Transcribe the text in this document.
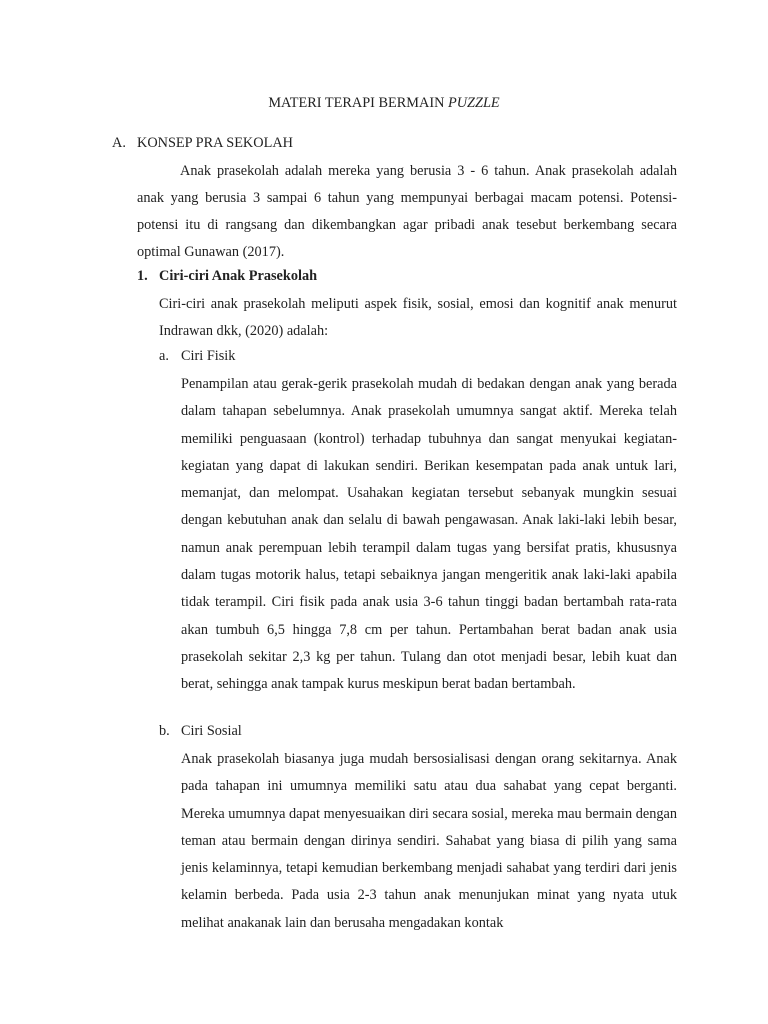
MATERI TERAPI BERMAIN PUZZLE
A. KONSEP PRA SEKOLAH

Anak prasekolah adalah mereka yang berusia 3 - 6 tahun. Anak prasekolah adalah anak yang berusia 3 sampai 6 tahun yang mempunyai berbagai macam potensi. Potensi-potensi itu di rangsang dan dikembangkan agar pribadi anak tesebut berkembang secara optimal Gunawan (2017).

1. Ciri-ciri Anak Prasekolah

Ciri-ciri anak prasekolah meliputi aspek fisik, sosial, emosi dan kognitif anak menurut Indrawan dkk, (2020) adalah:

a. Ciri Fisik

Penampilan atau gerak-gerik prasekolah mudah di bedakan dengan anak yang berada dalam tahapan sebelumnya. Anak prasekolah umumnya sangat aktif. Mereka telah memiliki penguasaan (kontrol) terhadap tubuhnya dan sangat menyukai kegiatan-kegiatan yang dapat di lakukan sendiri. Berikan kesempatan pada anak untuk lari, memanjat, dan melompat. Usahakan kegiatan tersebut sebanyak mungkin sesuai dengan kebutuhan anak dan selalu di bawah pengawasan. Anak laki-laki lebih besar, namun anak perempuan lebih terampil dalam tugas yang bersifat pratis, khususnya dalam tugas motorik halus, tetapi sebaiknya jangan mengeritik anak laki-laki apabila tidak terampil. Ciri fisik pada anak usia 3-6 tahun tinggi badan bertambah rata-rata akan tumbuh 6,5 hingga 7,8 cm per tahun. Pertambahan berat badan anak usia prasekolah sekitar 2,3 kg per tahun. Tulang dan otot menjadi besar, lebih kuat dan berat, sehingga anak tampak kurus meskipun berat badan bertambah.

b. Ciri Sosial

Anak prasekolah biasanya juga mudah bersosialisasi dengan orang sekitarnya. Anak pada tahapan ini umumnya memiliki satu atau dua sahabat yang cepat berganti. Mereka umumnya dapat menyesuaikan diri secara sosial, mereka mau bermain dengan teman atau bermain dengan dirinya sendiri. Sahabat yang biasa di pilih yang sama jenis kelaminnya, tetapi kemudian berkembang menjadi sahabat yang terdiri dari jenis kelamin berbeda. Pada usia 2-3 tahun anak menunjukan minat yang nyata utuk melihat anakanak lain dan berusaha mengadakan kontak
